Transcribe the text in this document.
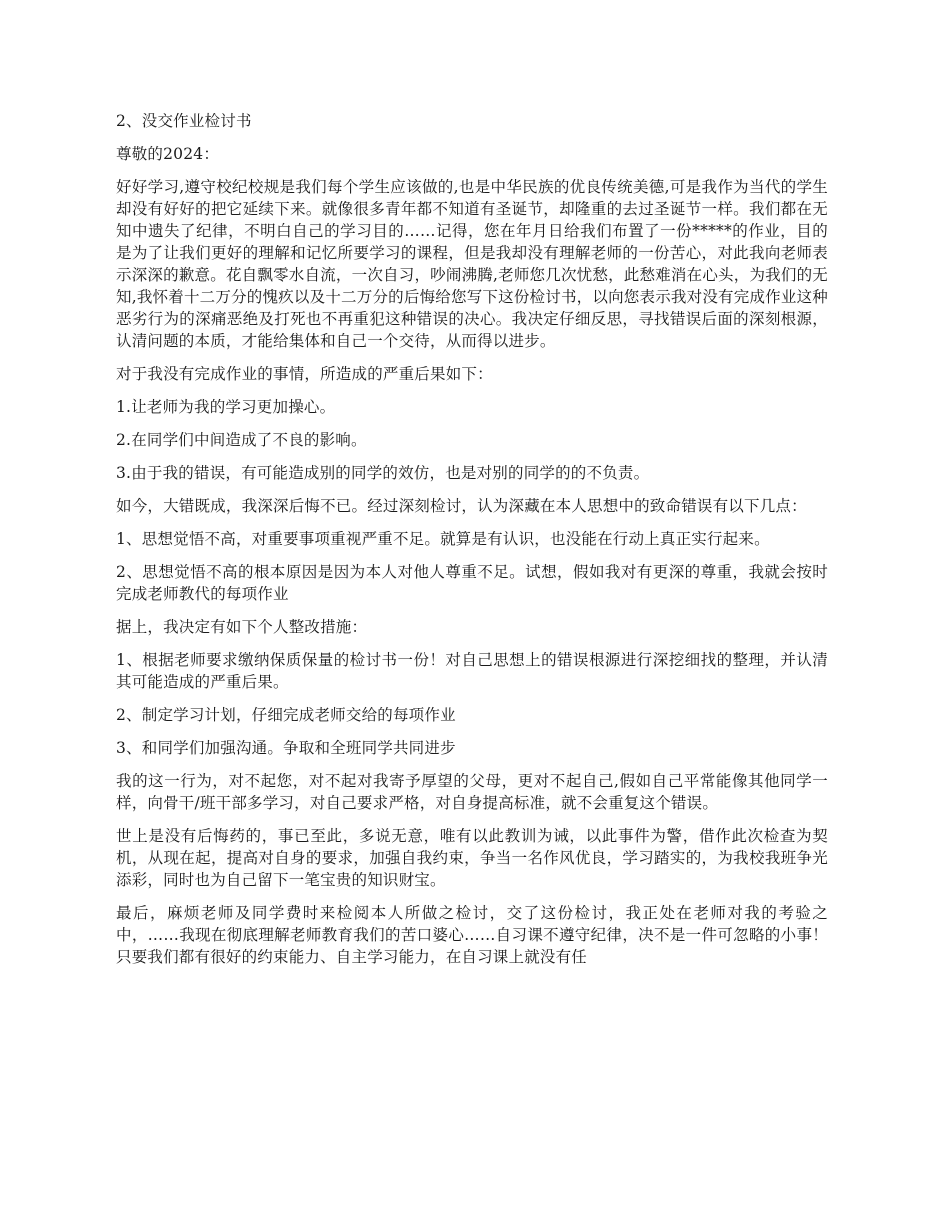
2、没交作业检讨书

尊敬的2024：

好好学习,遵守校纪校规是我们每个学生应该做的,也是中华民族的优良传统美德,可是我作为当代的学生却没有好好的把它延续下来。就像很多青年都不知道有圣诞节，却隆重的去过圣诞节一样。我们都在无知中遗失了纪律，不明白自己的学习目的……记得，您在年月日给我们布置了一份*****的作业，目的是为了让我们更好的理解和记忆所要学习的课程，但是我却没有理解老师的一份苦心，对此我向老师表示深深的歉意。花自飘零水自流，一次自习，吵闹沸腾,老师您几次忧愁，此愁难消在心头，为我们的无知,我怀着十二万分的愧疚以及十二万分的后悔给您写下这份检讨书，以向您表示我对没有完成作业这种恶劣行为的深痛恶绝及打死也不再重犯这种错误的决心。我决定仔细反思，寻找错误后面的深刻根源，认清问题的本质，才能给集体和自己一个交待，从而得以进步。

对于我没有完成作业的事情，所造成的严重后果如下：

1.让老师为我的学习更加操心。

2.在同学们中间造成了不良的影响。

3.由于我的错误，有可能造成别的同学的效仿，也是对别的同学的的不负责。

如今，大错既成，我深深后悔不已。经过深刻检讨，认为深藏在本人思想中的致命错误有以下几点：

1、思想觉悟不高，对重要事项重视严重不足。就算是有认识，也没能在行动上真正实行起来。

2、思想觉悟不高的根本原因是因为本人对他人尊重不足。试想，假如我对有更深的尊重，我就会按时完成老师教代的每项作业

据上，我决定有如下个人整改措施：

1、根据老师要求缴纳保质保量的检讨书一份！对自己思想上的错误根源进行深挖细找的整理，并认清其可能造成的严重后果。

2、制定学习计划，仔细完成老师交给的每项作业

3、和同学们加强沟通。争取和全班同学共同进步

我的这一行为，对不起您，对不起对我寄予厚望的父母，更对不起自己,假如自己平常能像其他同学一样，向骨干/班干部多学习，对自己要求严格，对自身提高标准，就不会重复这个错误。

世上是没有后悔药的，事已至此，多说无意，唯有以此教训为诫，以此事件为警，借作此次检查为契机，从现在起，提高对自身的要求，加强自我约束，争当一名作风优良，学习踏实的，为我校我班争光添彩，同时也为自己留下一笔宝贵的知识财宝。

最后，麻烦老师及同学费时来检阅本人所做之检讨，交了这份检讨，我正处在老师对我的考验之中，……我现在彻底理解老师教育我们的苦口婆心……自习课不遵守纪律，决不是一件可忽略的小事！只要我们都有很好的约束能力、自主学习能力，在自习课上就没有任
